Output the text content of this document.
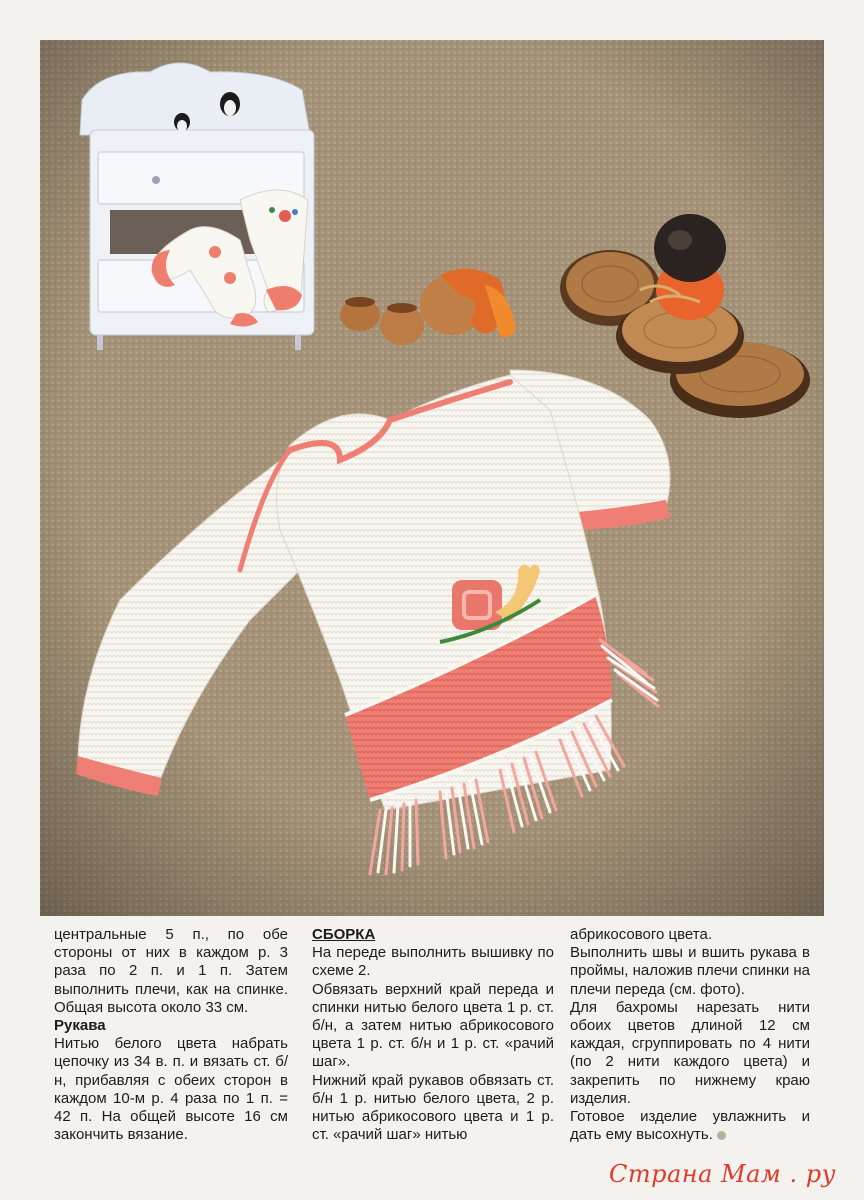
центральные 5 п., по обе стороны от них в каждом р. 3 раза по 2 п. и 1 п. Затем выполнить плечи, как на спинке. Общая высота около 33 см.

Рукава

Нитью белого цвета набрать цепочку из 34 в. п. и вязать ст. б/н, прибавляя с обеих сторон в каждом 10-м р. 4 раза по 1 п. = 42 п. На общей высоте 16 см закончить вязание.

СБОРКА

На переде выполнить вышивку по схеме 2.

Обвязать верхний край переда и спинки нитью белого цвета 1 р. ст. б/н, а затем нитью абрикосового цвета 1 р. ст. б/н и 1 р. ст. «рачий шаг».

Нижний край рукавов обвязать ст. б/н 1 р. нитью белого цвета, 2 р. нитью абрикосового цвета и 1 р. ст. «рачий шаг» нитью

абрикосового цвета.

Выполнить швы и вшить рукава в проймы, наложив плечи спинки на плечи переда (см. фото).

Для бахромы нарезать нити обоих цветов длиной 12 см каждая, сгруппировать по 4 нити (по 2 нити каждого цвета) и закрепить по нижнему краю изделия.

Готовое изделие увлажнить и дать ему высохнуть.

Страна Мам . ру
